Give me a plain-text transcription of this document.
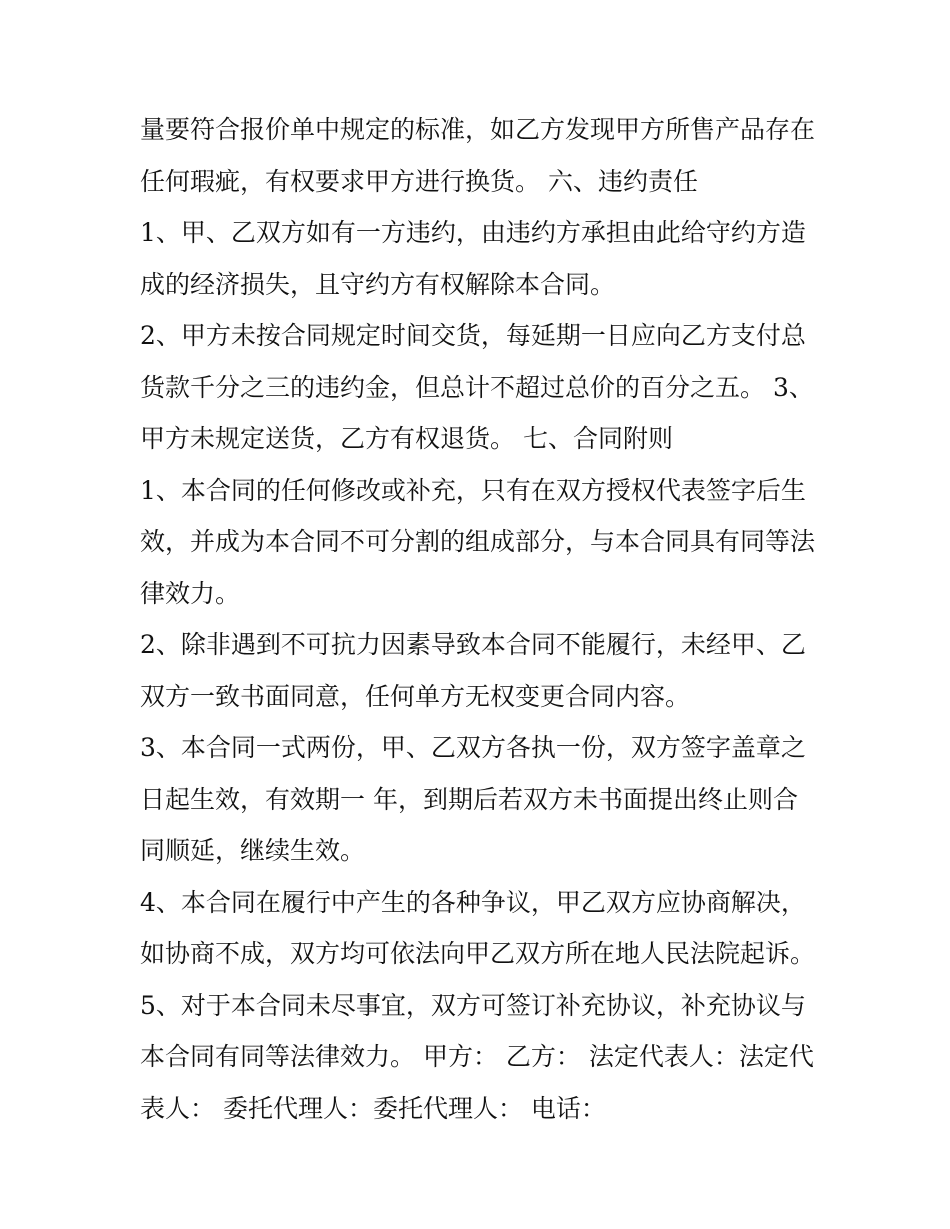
量要符合报价单中规定的标准，如乙方发现甲方所售产品存在
任何瑕疵，有权要求甲方进行换货。 六、违约责任
1、甲、乙双方如有一方违约，由违约方承担由此给守约方造
成的经济损失，且守约方有权解除本合同。
2、甲方未按合同规定时间交货，每延期一日应向乙方支付总
货款千分之三的违约金，但总计不超过总价的百分之五。 3、
甲方未规定送货，乙方有权退货。 七、合同附则
1、本合同的任何修改或补充，只有在双方授权代表签字后生
效，并成为本合同不可分割的组成部分，与本合同具有同等法
律效力。
2、除非遇到不可抗力因素导致本合同不能履行，未经甲、乙
双方一致书面同意，任何单方无权变更合同内容。
3、本合同一式两份，甲、乙双方各执一份，双方签字盖章之
日起生效，有效期一 年，到期后若双方未书面提出终止则合
同顺延，继续生效。
4、本合同在履行中产生的各种争议，甲乙双方应协商解决，
如协商不成，双方均可依法向甲乙双方所在地人民法院起诉。
5、对于本合同未尽事宜，双方可签订补充协议，补充协议与
本合同有同等法律效力。 甲方： 乙方： 法定代表人：法定代
表人： 委托代理人：委托代理人： 电话：
